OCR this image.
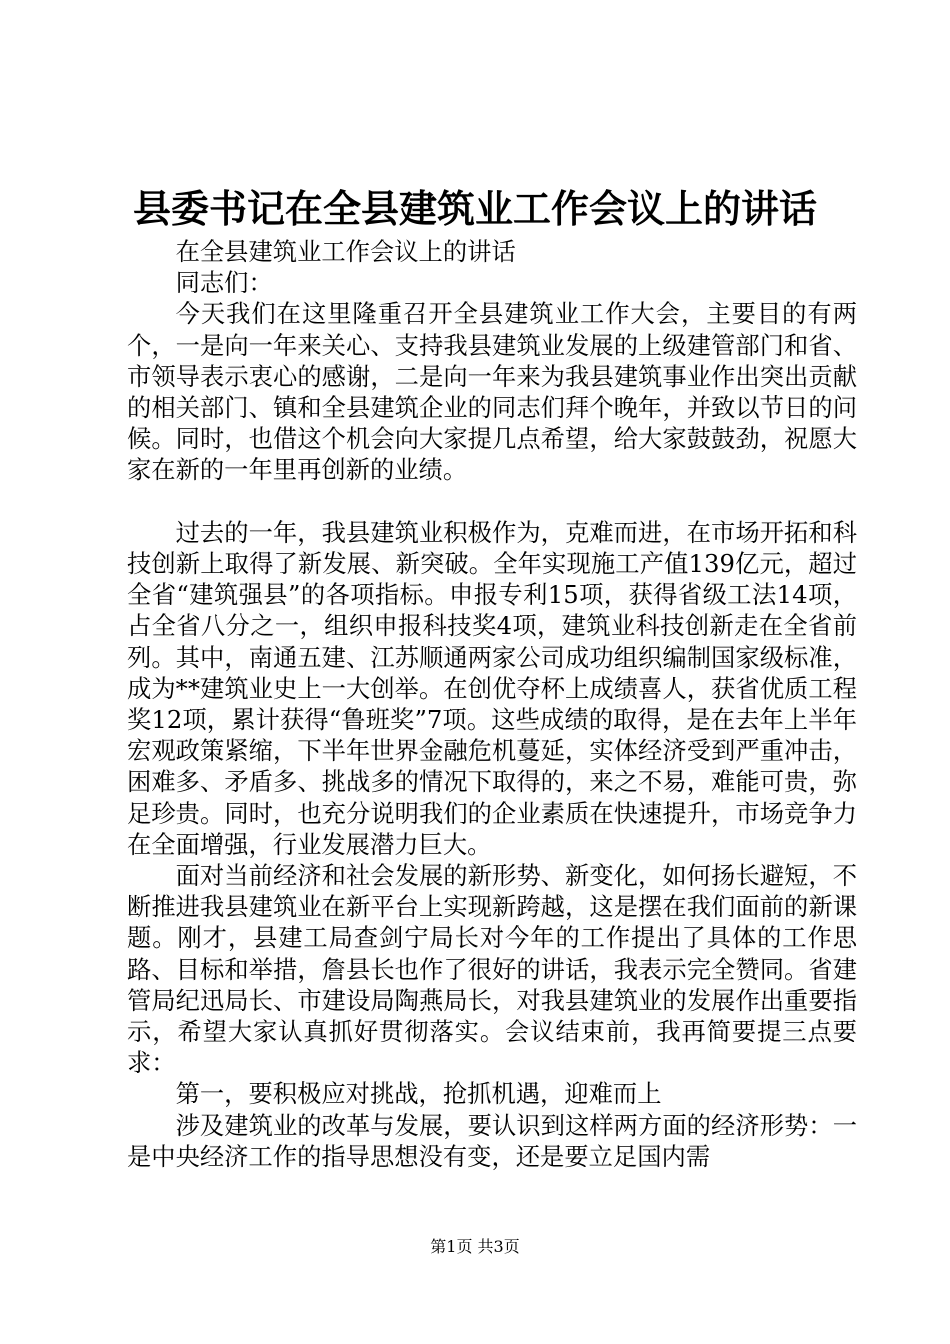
县委书记在全县建筑业工作会议上的讲话

在全县建筑业工作会议上的讲话

同志们：

今天我们在这里隆重召开全县建筑业工作大会，主要目的有两个，一是向一年来关心、支持我县建筑业发展的上级建管部门和省、市领导表示衷心的感谢，二是向一年来为我县建筑事业作出突出贡献的相关部门、镇和全县建筑企业的同志们拜个晚年，并致以节日的问候。同时，也借这个机会向大家提几点希望，给大家鼓鼓劲，祝愿大家在新的一年里再创新的业绩。

过去的一年，我县建筑业积极作为，克难而进，在市场开拓和科技创新上取得了新发展、新突破。全年实现施工产值139亿元，超过全省“建筑强县”的各项指标。申报专利15项，获得省级工法14项，占全省八分之一，组织申报科技奖4项，建筑业科技创新走在全省前列。其中，南通五建、江苏顺通两家公司成功组织编制国家级标准，成为**建筑业史上一大创举。在创优夺杯上成绩喜人，获省优质工程奖12项，累计获得“鲁班奖”7项。这些成绩的取得，是在去年上半年宏观政策紧缩，下半年世界金融危机蔓延，实体经济受到严重冲击，困难多、矛盾多、挑战多的情况下取得的，来之不易，难能可贵，弥足珍贵。同时，也充分说明我们的企业素质在快速提升，市场竞争力在全面增强，行业发展潜力巨大。

面对当前经济和社会发展的新形势、新变化，如何扬长避短，不断推进我县建筑业在新平台上实现新跨越，这是摆在我们面前的新课题。刚才，县建工局查剑宁局长对今年的工作提出了具体的工作思路、目标和举措，詹县长也作了很好的讲话，我表示完全赞同。省建管局纪迅局长、市建设局陶燕局长，对我县建筑业的发展作出重要指示，希望大家认真抓好贯彻落实。会议结束前，我再简要提三点要求：

第一，要积极应对挑战，抢抓机遇，迎难而上

涉及建筑业的改革与发展，要认识到这样两方面的经济形势：一是中央经济工作的指导思想没有变，还是要立足国内需

第1页 共3页
